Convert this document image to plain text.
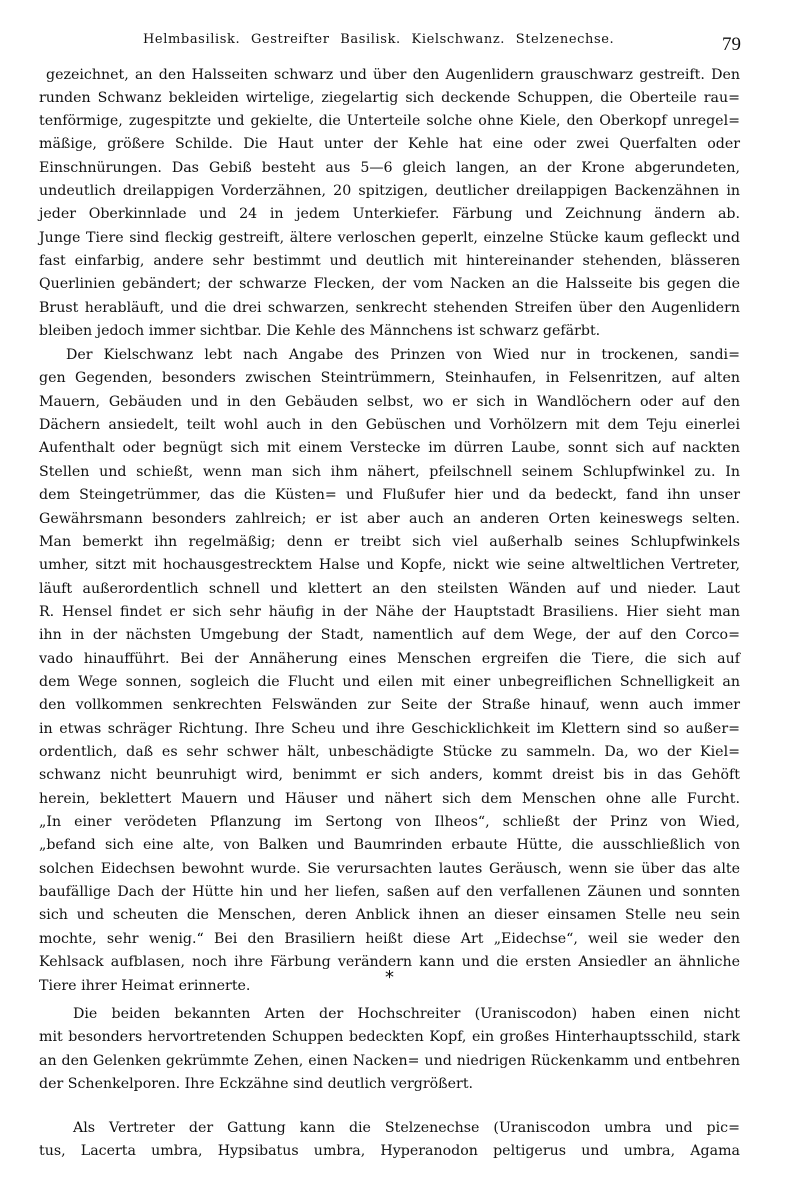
Helmbasilisk. Gestreifter Basilisk. Kielschwanz. Stelzenechse.	79
gezeichnet, an den Halsseiten schwarz und über den Augenlidern grauschwarz gestreift. Den
runden Schwanz bekleiden wirtelige, ziegelartig sich deckende Schuppen, die Oberteile rau=
tenförmige, zugespitzte und gekielte, die Unterteile solche ohne Kiele, den Oberkopf unregel=
mäßige, größere Schilde. Die Haut unter der Kehle hat eine oder zwei Querfalten oder
Einschnürungen. Das Gebiß besteht aus 5—6 gleich langen, an der Krone abgerundeten,
undeutlich dreilappigen Vorderzähnen, 20 spitzigen, deutlicher dreilappigen Backenzähnen in
jeder Oberkinnlade und 24 in jedem Unterkiefer. Färbung und Zeichnung ändern ab.
Junge Tiere sind fleckig gestreift, ältere verloschen geperlt, einzelne Stücke kaum gefleckt und
fast einfarbig, andere sehr bestimmt und deutlich mit hintereinander stehenden, blässeren
Querlinien gebändert; der schwarze Flecken, der vom Nacken an die Halsseite bis gegen die
Brust herabläuft, und die drei schwarzen, senkrecht stehenden Streifen über den Augenlidern
bleiben jedoch immer sichtbar. Die Kehle des Männchens ist schwarz gefärbt.
Der Kielschwanz lebt nach Angabe des Prinzen von Wied nur in trockenen, sandi=
gen Gegenden, besonders zwischen Steintrümmern, Steinhaufen, in Felsenritzen, auf alten
Mauern, Gebäuden und in den Gebäuden selbst, wo er sich in Wandlöchern oder auf den
Dächern ansiedelt, teilt wohl auch in den Gebüschen und Vorhölzern mit dem Teju einerlei
Aufenthalt oder begnügt sich mit einem Verstecke im dürren Laube, sonnt sich auf nackten
Stellen und schießt, wenn man sich ihm nähert, pfeilschnell seinem Schlupfwinkel zu. In
dem Steingetrümmer, das die Küsten= und Flußufer hier und da bedeckt, fand ihn unser
Gewährsmann besonders zahlreich; er ist aber auch an anderen Orten keineswegs selten.
Man bemerkt ihn regelmäßig; denn er treibt sich viel außerhalb seines Schlupfwinkels
umher, sitzt mit hochausgestrecktem Halse und Kopfe, nickt wie seine altweltlichen Vertreter,
läuft außerordentlich schnell und klettert an den steilsten Wänden auf und nieder. Laut
R. Hensel findet er sich sehr häufig in der Nähe der Hauptstadt Brasiliens. Hier sieht man
ihn in der nächsten Umgebung der Stadt, namentlich auf dem Wege, der auf den Corco=
vado hinaufführt. Bei der Annäherung eines Menschen ergreifen die Tiere, die sich auf
dem Wege sonnen, sogleich die Flucht und eilen mit einer unbegreiflichen Schnelligkeit an
den vollkommen senkrechten Felswänden zur Seite der Straße hinauf, wenn auch immer
in etwas schräger Richtung. Ihre Scheu und ihre Geschicklichkeit im Klettern sind so außer=
ordentlich, daß es sehr schwer hält, unbeschädigte Stücke zu sammeln. Da, wo der Kiel=
schwanz nicht beunruhigt wird, benimmt er sich anders, kommt dreist bis in das Gehöft
herein, beklettert Mauern und Häuser und nähert sich dem Menschen ohne alle Furcht.
„In einer verödeten Pflanzung im Sertong von Ilheos“, schließt der Prinz von Wied,
„befand sich eine alte, von Balken und Baumrinden erbaute Hütte, die ausschließlich von
solchen Eidechsen bewohnt wurde. Sie verursachten lautes Geräusch, wenn sie über das alte
baufällige Dach der Hütte hin und her liefen, saßen auf den verfallenen Zäunen und sonnten
sich und scheuten die Menschen, deren Anblick ihnen an dieser einsamen Stelle neu sein
mochte, sehr wenig.“ Bei den Brasiliern heißt diese Art „Eidechse“, weil sie weder den
Kehlsack aufblasen, noch ihre Färbung verändern kann und die ersten Ansiedler an ähnliche
Tiere ihrer Heimat erinnerte.	*
Die beiden bekannten Arten der Hochschreiter (Uraniscodon) haben einen nicht
mit besonders hervortretenden Schuppen bedeckten Kopf, ein großes Hinterhauptsschild, stark
an den Gelenken gekrümmte Zehen, einen Nacken= und niedrigen Rückenkamm und entbehren
der Schenkelporen. Ihre Eckzähne sind deutlich vergrößert.
Als Vertreter der Gattung kann die Stelzenechse (Uraniscodon umbra und pic=
tus, Lacerta umbra, Hypsibatus umbra, Hyperanodon peltigerus und umbra, Agama
